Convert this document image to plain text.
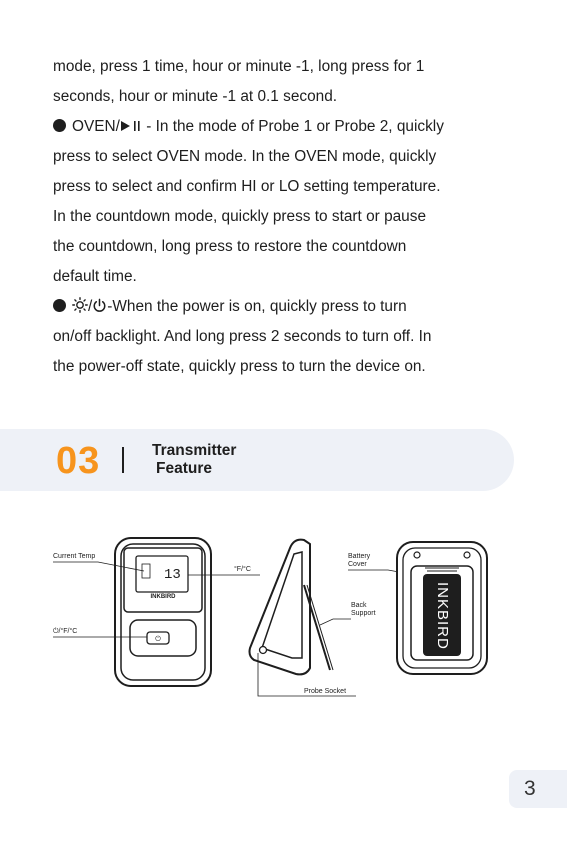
mode, press 1 time, hour or minute -1, long press for 1
seconds, hour or minute -1 at 0.1 second.
OVEN/ - In the mode of Probe 1 or Probe 2, quickly
press to select OVEN mode. In the OVEN mode, quickly
press to select and confirm HI or LO setting temperature.
In the countdown mode, quickly press to start or pause
the countdown, long press to restore the countdown
default time.
/ -When the power is on, quickly press to turn
on/off backlight. And long press 2 seconds to turn off. In
the power-off state, quickly press to turn the device on.
03	Transmitter
Feature
13
INKBIRD
⏻
Current Temp
⏻/°F/°C
°F/°C
Battery
Cover
Back
Support
Probe Socket
INKBIRD
3
